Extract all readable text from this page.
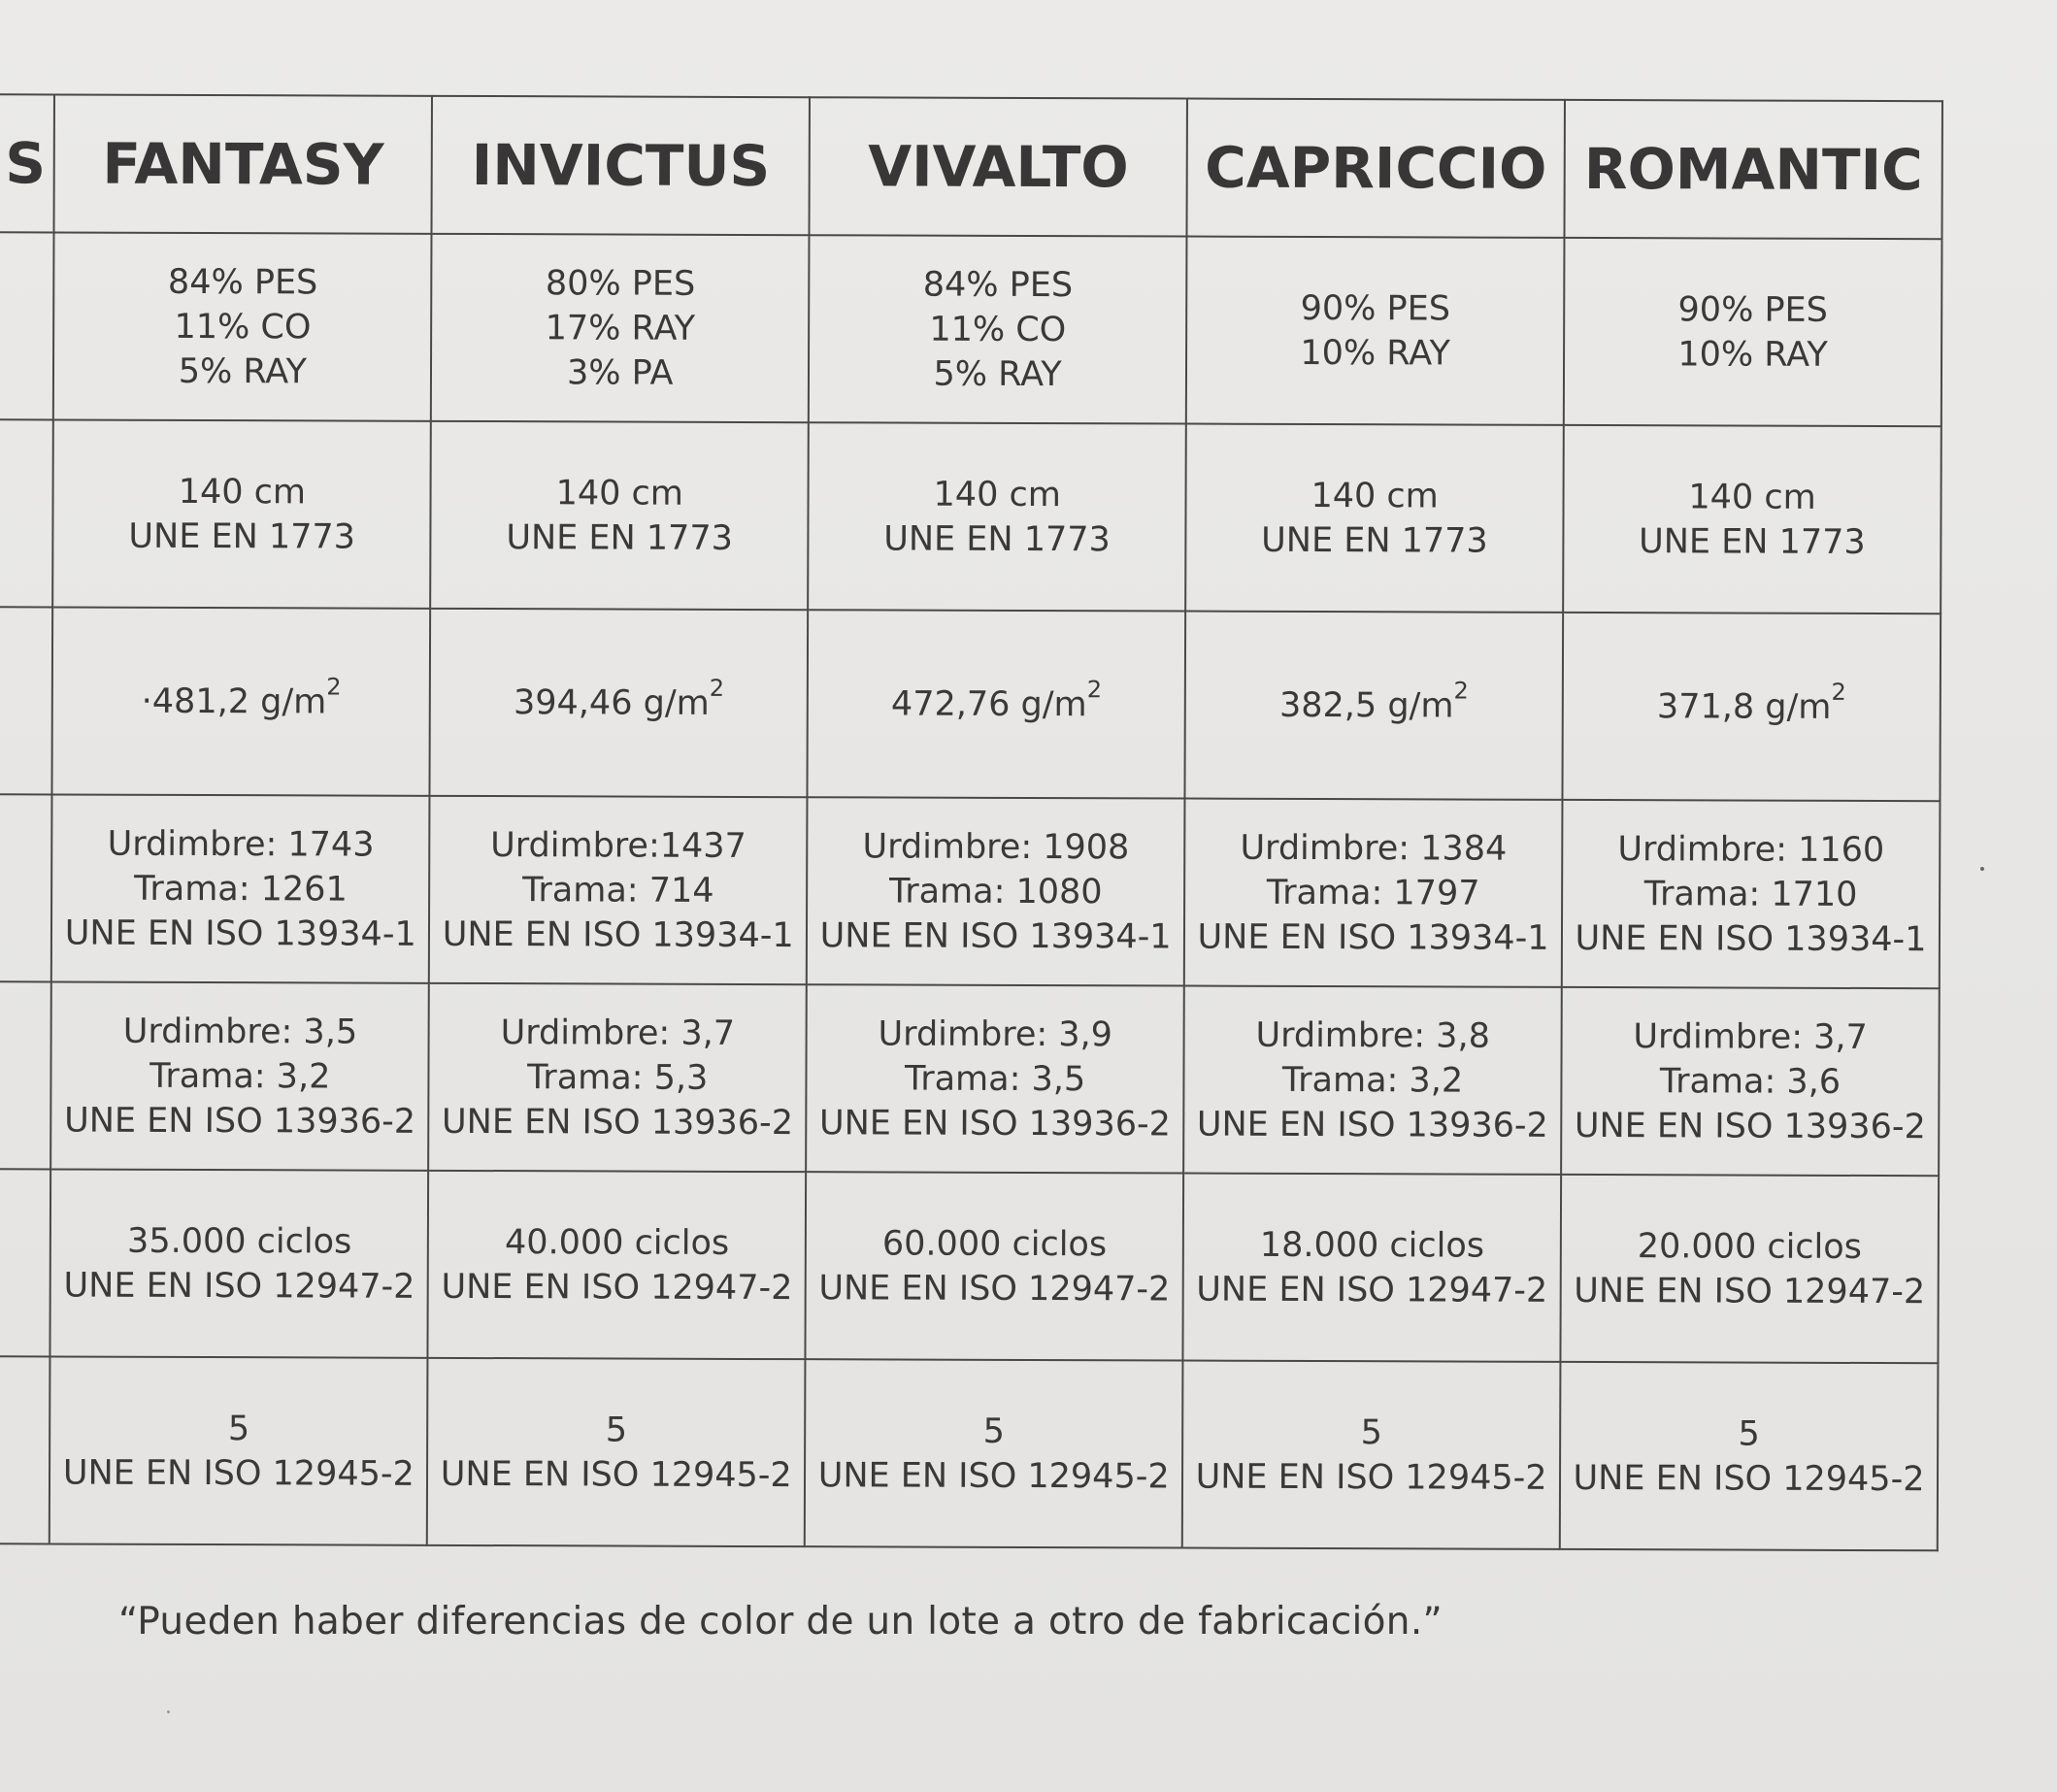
S	FANTASY	INVICTUS	VIVALTO	CAPRICCIO	ROMANTIC

	84% PES
11% CO
5% RAY	80% PES
17% RAY
3% PA	84% PES
11% CO
5% RAY	90% PES
10% RAY	90% PES
10% RAY

	140 cm
UNE EN 1773	140 cm
UNE EN 1773	140 cm
UNE EN 1773	140 cm
UNE EN 1773	140 cm
UNE EN 1773

	·481,2 $g/m^2$	394,46 $g/m^2$	472,76 $g/m^2$	382,5 $g/m^2$	371,8 $g/m^2$

	Urdimbre: 1743
Trama: 1261
UNE EN ISO 13934-1	Urdimbre:1437
Trama: 714
UNE EN ISO 13934-1	Urdimbre: 1908
Trama: 1080
UNE EN ISO 13934-1	Urdimbre: 1384
Trama: 1797
UNE EN ISO 13934-1	Urdimbre: 1160
Trama: 1710
UNE EN ISO 13934-1

	Urdimbre: 3,5
Trama: 3,2
UNE EN ISO 13936-2	Urdimbre: 3,7
Trama: 5,3
UNE EN ISO 13936-2	Urdimbre: 3,9
Trama: 3,5
UNE EN ISO 13936-2	Urdimbre: 3,8
Trama: 3,2
UNE EN ISO 13936-2	Urdimbre: 3,7
Trama: 3,6
UNE EN ISO 13936-2

	35.000 ciclos
UNE EN ISO 12947-2	40.000 ciclos
UNE EN ISO 12947-2	60.000 ciclos
UNE EN ISO 12947-2	18.000 ciclos
UNE EN ISO 12947-2	20.000 ciclos
UNE EN ISO 12947-2

	5
UNE EN ISO 12945-2	5
UNE EN ISO 12945-2	5
UNE EN ISO 12945-2	5
UNE EN ISO 12945-2	5
UNE EN ISO 12945-2
“Pueden haber diferencias de color de un lote a otro de fabricación.”
